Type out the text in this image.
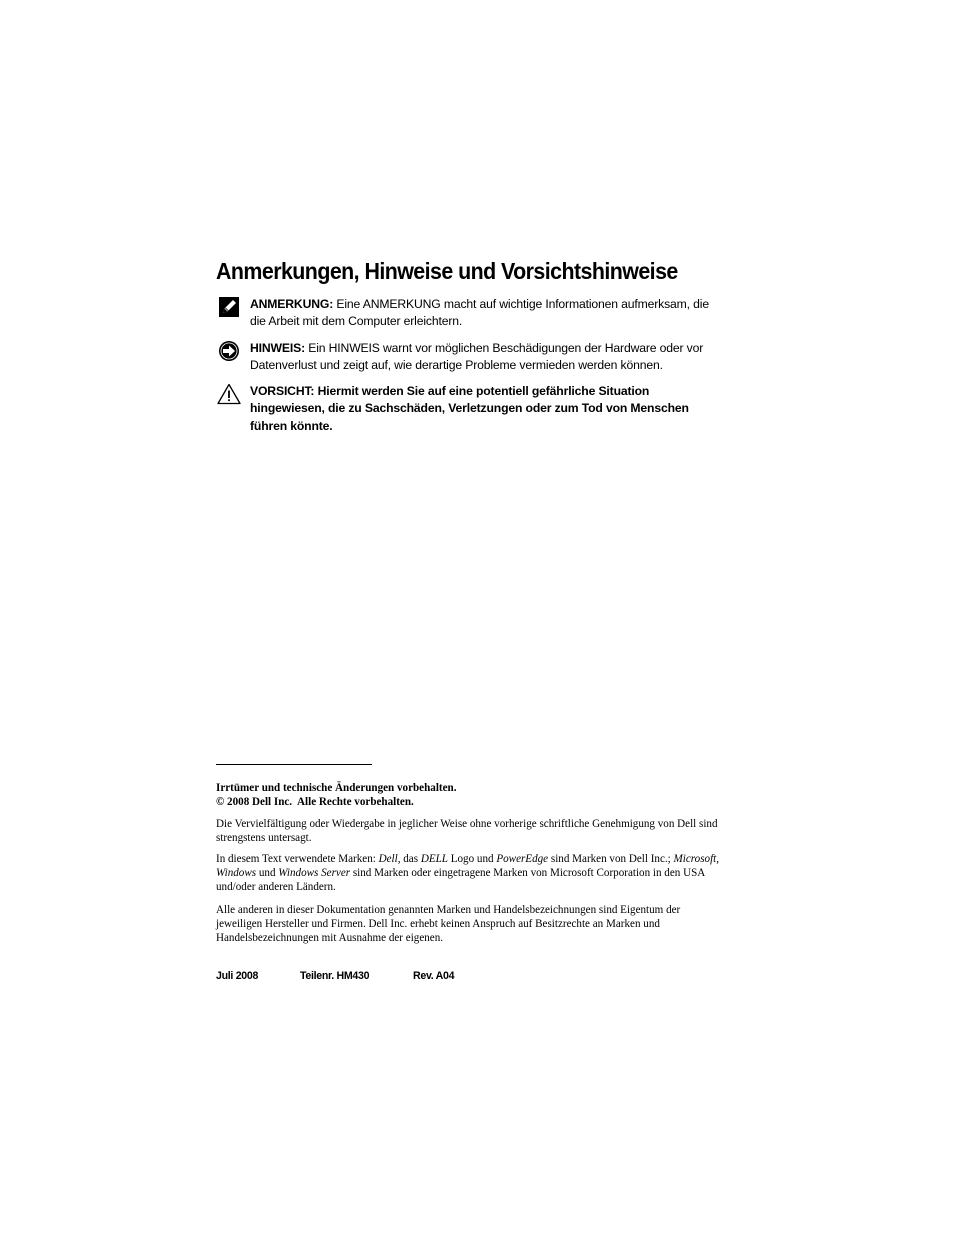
Anmerkungen, Hinweise und Vorsichtshinweise
ANMERKUNG: Eine ANMERKUNG macht auf wichtige Informationen aufmerksam, die die Arbeit mit dem Computer erleichtern.
HINWEIS: Ein HINWEIS warnt vor möglichen Beschädigungen der Hardware oder vor Datenverlust und zeigt auf, wie derartige Probleme vermieden werden können.
VORSICHT: Hiermit werden Sie auf eine potentiell gefährliche Situation hingewiesen, die zu Sachschäden, Verletzungen oder zum Tod von Menschen führen könnte.

Irrtümer und technische Änderungen vorbehalten.

© 2008 Dell Inc.  Alle Rechte vorbehalten.

Die Vervielfältigung oder Wiedergabe in jeglicher Weise ohne vorherige schriftliche Genehmigung von Dell sind strengstens untersagt.

In diesem Text verwendete Marken: Dell, das DELL Logo und PowerEdge sind Marken von Dell Inc.; Microsoft, Windows und Windows Server sind Marken oder eingetragene Marken von Microsoft Corporation in den USA und/oder anderen Ländern.

Alle anderen in dieser Dokumentation genannten Marken und Handelsbezeichnungen sind Eigentum der jeweiligen Hersteller und Firmen. Dell Inc. erhebt keinen Anspruch auf Besitzrechte an Marken und Handelsbezeichnungen mit Ausnahme der eigenen.

Juli 2008	Teilenr. HM430	Rev. A04
